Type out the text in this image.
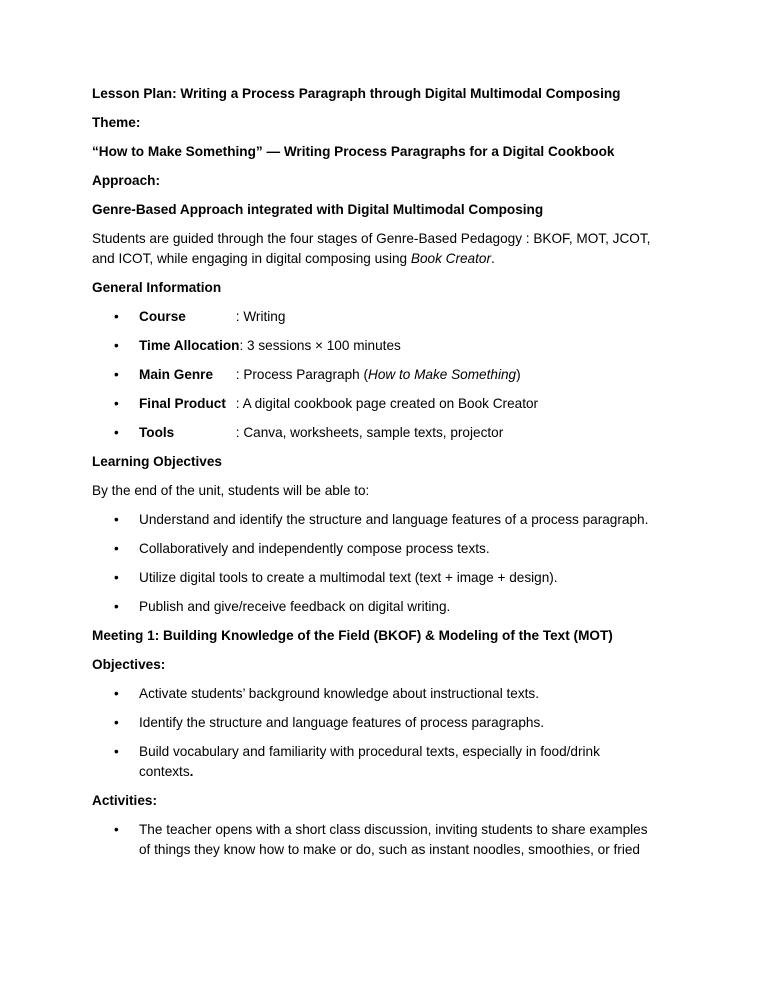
Lesson Plan: Writing a Process Paragraph through Digital Multimodal Composing

Theme:

“How to Make Something” — Writing Process Paragraphs for a Digital Cookbook

Approach:

Genre-Based Approach integrated with Digital Multimodal Composing

Students are guided through the four stages of Genre-Based Pedagogy : BKOF, MOT, JCOT,
and ICOT, while engaging in digital composing using Book Creator.

General Information

• Course	: Writing
• Time Allocation: 3 sessions × 100 minutes
• Main Genre : Process Paragraph (How to Make Something)
• Final Product : A digital cookbook page created on Book Creator
• Tools	: Canva, worksheets, sample texts, projector

Learning Objectives

By the end of the unit, students will be able to:

• Understand and identify the structure and language features of a process paragraph.
• Collaboratively and independently compose process texts.
• Utilize digital tools to create a multimodal text (text + image + design).
• Publish and give/receive feedback on digital writing.

Meeting 1: Building Knowledge of the Field (BKOF) & Modeling of the Text (MOT)

Objectives:

• Activate students’ background knowledge about instructional texts.
• Identify the structure and language features of process paragraphs.
• Build vocabulary and familiarity with procedural texts, especially in food/drink
contexts.

Activities:

• The teacher opens with a short class discussion, inviting students to share examples
of things they know how to make or do, such as instant noodles, smoothies, or fried
